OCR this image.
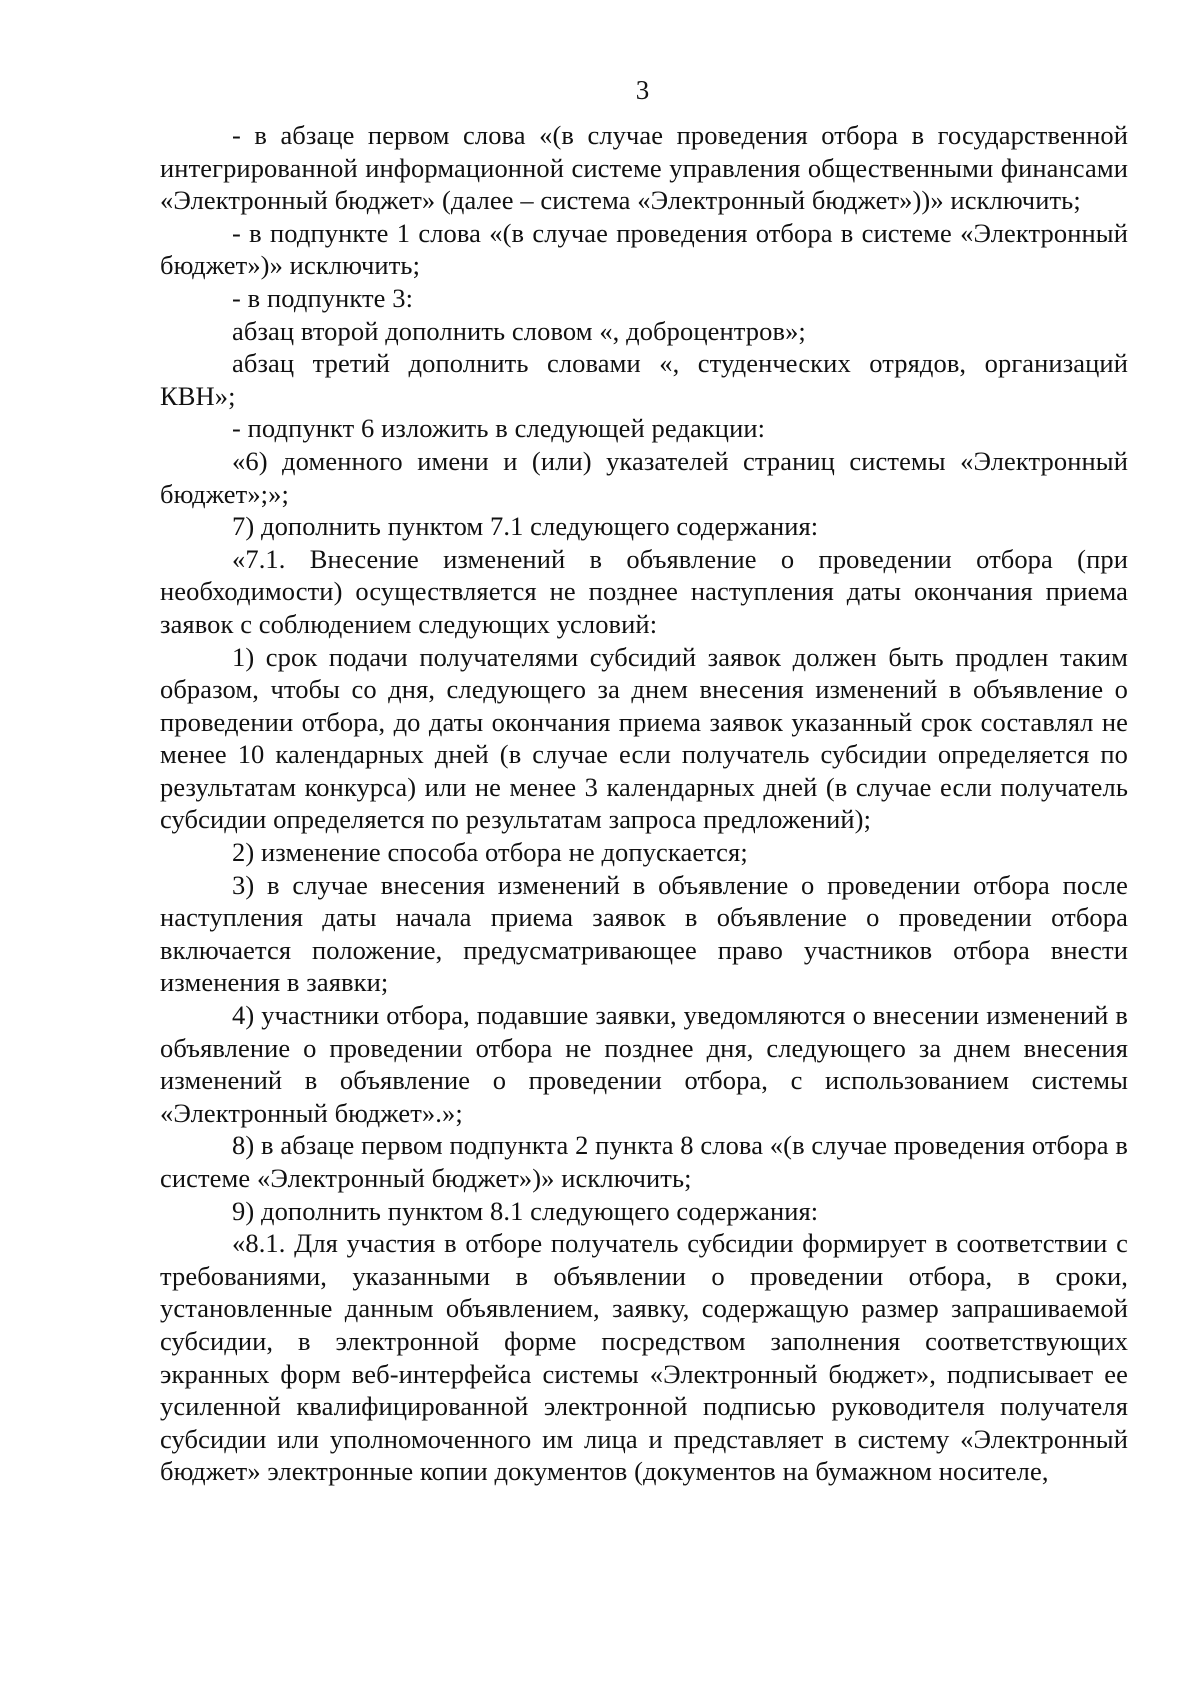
3

- в абзаце первом слова «(в случае проведения отбора в государственной интегрированной информационной системе управления общественными финансами «Электронный бюджет» (далее – система «Электронный бюджет»))» исключить;

- в подпункте 1 слова «(в случае проведения отбора в системе «Электронный бюджет»)» исключить;

- в подпункте 3:

абзац второй дополнить словом «, доброцентров»;

абзац третий дополнить словами «, студенческих отрядов, организаций КВН»;

- подпункт 6 изложить в следующей редакции:

«6) доменного имени и (или) указателей страниц системы «Электронный бюджет»;»;

7) дополнить пунктом 7.1 следующего содержания:

«7.1. Внесение изменений в объявление о проведении отбора (при необходимости) осуществляется не позднее наступления даты окончания приема заявок с соблюдением следующих условий:

1) срок подачи получателями субсидий заявок должен быть продлен таким образом, чтобы со дня, следующего за днем внесения изменений в объявление о проведении отбора, до даты окончания приема заявок указанный срок составлял не менее 10 календарных дней (в случае если получатель субсидии определяется по результатам конкурса) или не менее 3 календарных дней (в случае если получатель субсидии определяется по результатам запроса предложений);

2) изменение способа отбора не допускается;

3) в случае внесения изменений в объявление о проведении отбора после наступления даты начала приема заявок в объявление о проведении отбора включается положение, предусматривающее право участников отбора внести изменения в заявки;

4) участники отбора, подавшие заявки, уведомляются о внесении изменений в объявление о проведении отбора не позднее дня, следующего за днем внесения изменений в объявление о проведении отбора, с использованием системы «Электронный бюджет».»;

8) в абзаце первом подпункта 2 пункта 8 слова «(в случае проведения отбора в системе «Электронный бюджет»)» исключить;

9) дополнить пунктом 8.1 следующего содержания:

«8.1. Для участия в отборе получатель субсидии формирует в соответствии с требованиями, указанными в объявлении о проведении отбора, в сроки, установленные данным объявлением, заявку, содержащую размер запрашиваемой субсидии, в электронной форме посредством заполнения соответствующих экранных форм веб-интерфейса системы «Электронный бюджет», подписывает ее усиленной квалифицированной электронной подписью руководителя получателя субсидии или уполномоченного им лица и представляет в систему «Электронный бюджет» электронные копии документов (документов на бумажном носителе,
